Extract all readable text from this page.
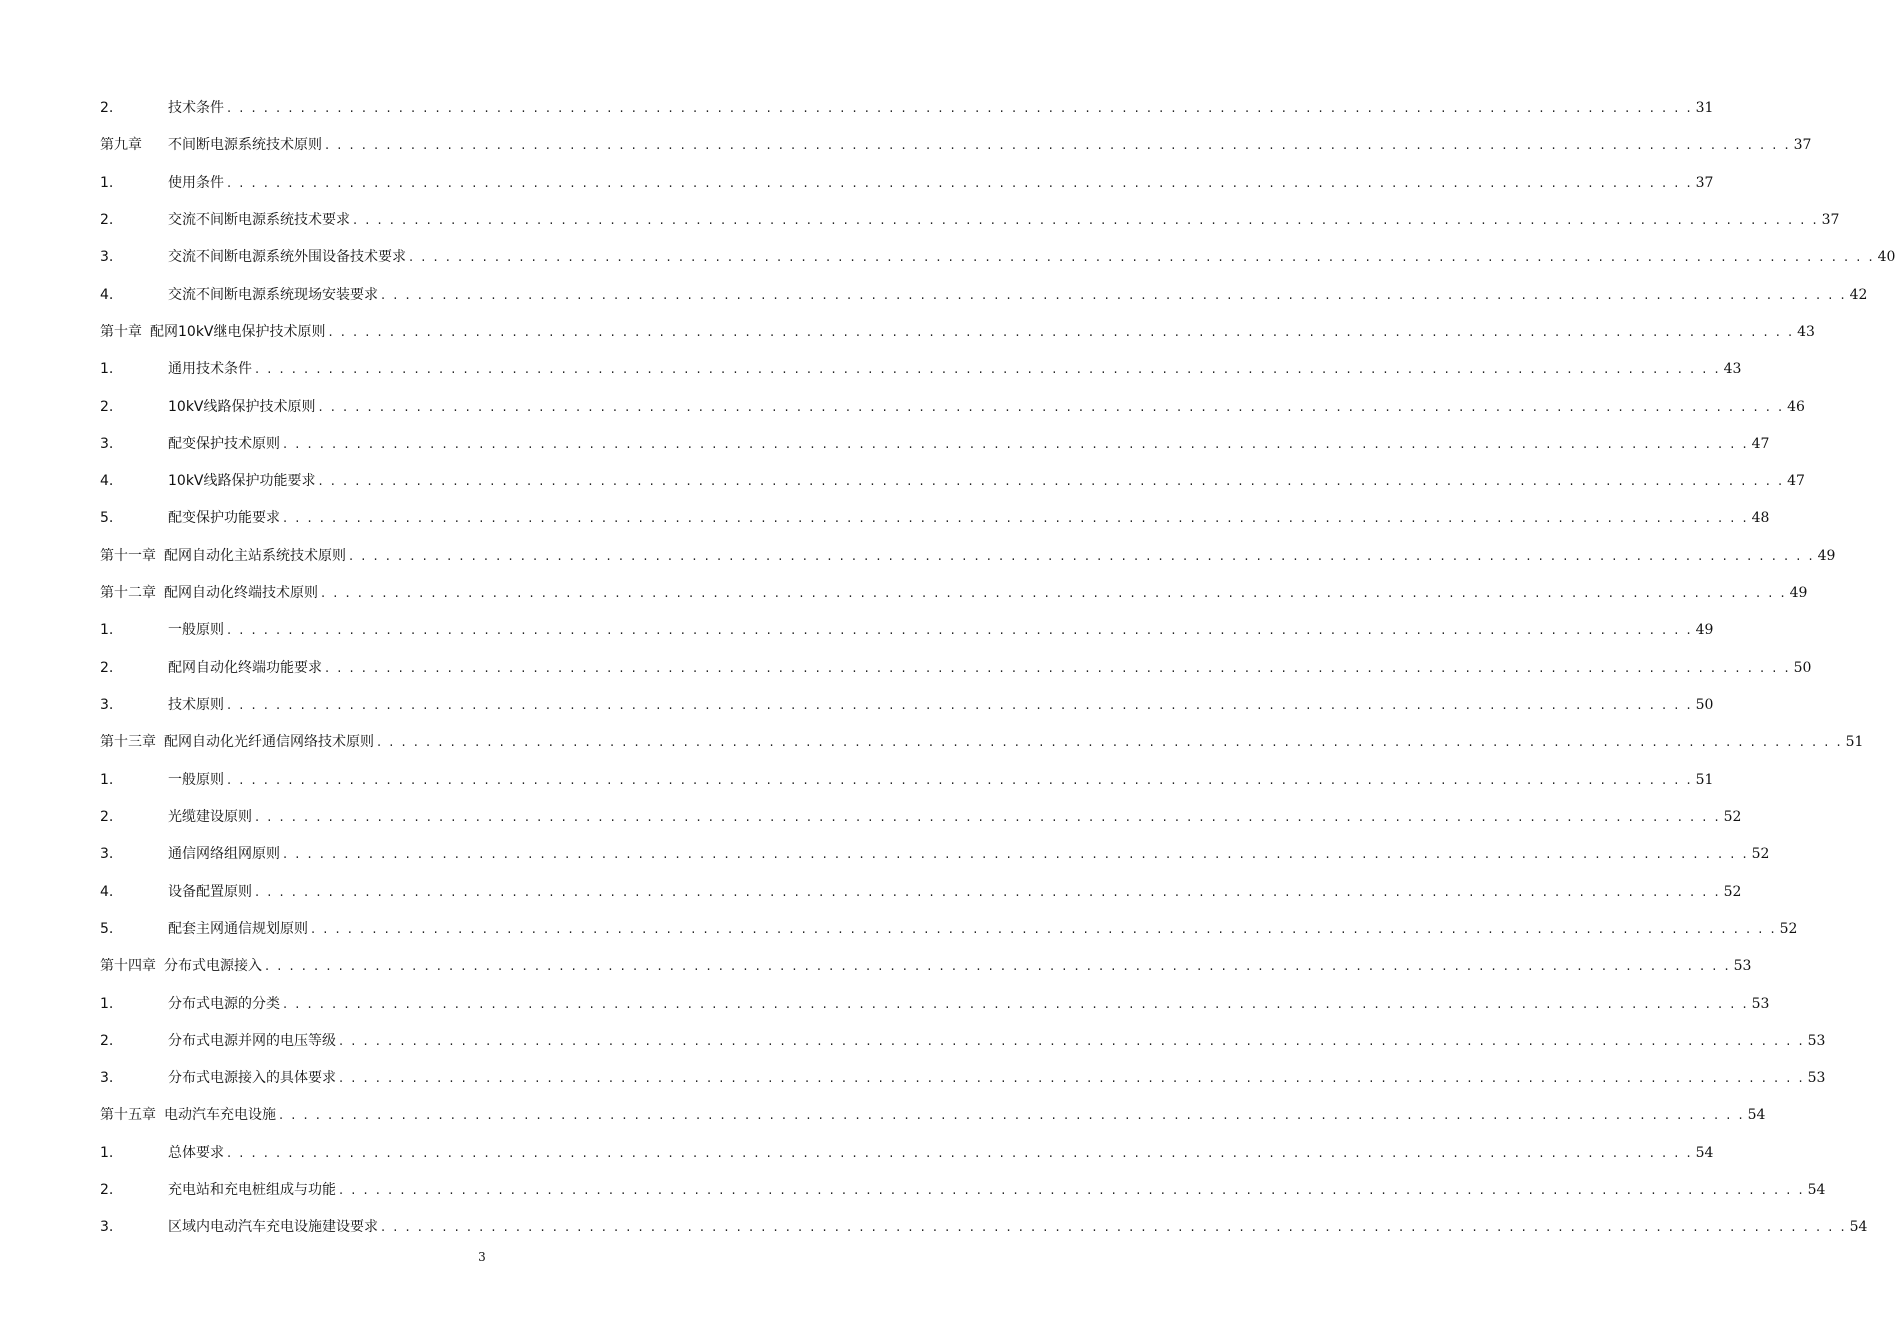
2.	技术条件 . . . . . . . . . . . . . . . . . . . . . . . . . . . . . . . . . . . . . . . . . . . . . . . . . . . . . . . . . . . . . . . . . . . . . . . . . . . . . . . . . . . . . . . . . . . . . . . . . . . . . . . . . . . . . . . . . . . . . . . . 31
第九章	不间断电源系统技术原则 . . . . . . . . . . . . . . . . . . . . . . . . . . . . . . . . . . . . . . . . . . . . . . . . . . . . . . . . . . . . . . . . . . . . . . . . . . . . . . . . . . . . . . . . . . . . . . . . . . . . . . . . . . . . . . . . . . . . . . . . 37
1.	使用条件 . . . . . . . . . . . . . . . . . . . . . . . . . . . . . . . . . . . . . . . . . . . . . . . . . . . . . . . . . . . . . . . . . . . . . . . . . . . . . . . . . . . . . . . . . . . . . . . . . . . . . . . . . . . . . . . . . . . . . . . . 37
2.	交流不间断电源系统技术要求 . . . . . . . . . . . . . . . . . . . . . . . . . . . . . . . . . . . . . . . . . . . . . . . . . . . . . . . . . . . . . . . . . . . . . . . . . . . . . . . . . . . . . . . . . . . . . . . . . . . . . . . . . . . . . . . . . . . . . . . . 37
3.	交流不间断电源系统外围设备技术要求 . . . . . . . . . . . . . . . . . . . . . . . . . . . . . . . . . . . . . . . . . . . . . . . . . . . . . . . . . . . . . . . . . . . . . . . . . . . . . . . . . . . . . . . . . . . . . . . . . . . . . . . . . . . . . . . . . . . . . . . . 40
4.	交流不间断电源系统现场安装要求 . . . . . . . . . . . . . . . . . . . . . . . . . . . . . . . . . . . . . . . . . . . . . . . . . . . . . . . . . . . . . . . . . . . . . . . . . . . . . . . . . . . . . . . . . . . . . . . . . . . . . . . . . . . . . . . . . . . . . . . . 42
第十章 配网10kV继电保护技术原则 . . . . . . . . . . . . . . . . . . . . . . . . . . . . . . . . . . . . . . . . . . . . . . . . . . . . . . . . . . . . . . . . . . . . . . . . . . . . . . . . . . . . . . . . . . . . . . . . . . . . . . . . . . . . . . . . . . . . . . . . 43
1.	通用技术条件 . . . . . . . . . . . . . . . . . . . . . . . . . . . . . . . . . . . . . . . . . . . . . . . . . . . . . . . . . . . . . . . . . . . . . . . . . . . . . . . . . . . . . . . . . . . . . . . . . . . . . . . . . . . . . . . . . . . . . . . . 43
2.	10kV线路保护技术原则 . . . . . . . . . . . . . . . . . . . . . . . . . . . . . . . . . . . . . . . . . . . . . . . . . . . . . . . . . . . . . . . . . . . . . . . . . . . . . . . . . . . . . . . . . . . . . . . . . . . . . . . . . . . . . . . . . . . . . . . . 46
3.	配变保护技术原则 . . . . . . . . . . . . . . . . . . . . . . . . . . . . . . . . . . . . . . . . . . . . . . . . . . . . . . . . . . . . . . . . . . . . . . . . . . . . . . . . . . . . . . . . . . . . . . . . . . . . . . . . . . . . . . . . . . . . . . . . 47
4.	10kV线路保护功能要求 . . . . . . . . . . . . . . . . . . . . . . . . . . . . . . . . . . . . . . . . . . . . . . . . . . . . . . . . . . . . . . . . . . . . . . . . . . . . . . . . . . . . . . . . . . . . . . . . . . . . . . . . . . . . . . . . . . . . . . . . 47
5.	配变保护功能要求 . . . . . . . . . . . . . . . . . . . . . . . . . . . . . . . . . . . . . . . . . . . . . . . . . . . . . . . . . . . . . . . . . . . . . . . . . . . . . . . . . . . . . . . . . . . . . . . . . . . . . . . . . . . . . . . . . . . . . . . . 48
第十一章 配网自动化主站系统技术原则 . . . . . . . . . . . . . . . . . . . . . . . . . . . . . . . . . . . . . . . . . . . . . . . . . . . . . . . . . . . . . . . . . . . . . . . . . . . . . . . . . . . . . . . . . . . . . . . . . . . . . . . . . . . . . . . . . . . . . . . . 49
第十二章 配网自动化终端技术原则 . . . . . . . . . . . . . . . . . . . . . . . . . . . . . . . . . . . . . . . . . . . . . . . . . . . . . . . . . . . . . . . . . . . . . . . . . . . . . . . . . . . . . . . . . . . . . . . . . . . . . . . . . . . . . . . . . . . . . . . . 49
1.	一般原则 . . . . . . . . . . . . . . . . . . . . . . . . . . . . . . . . . . . . . . . . . . . . . . . . . . . . . . . . . . . . . . . . . . . . . . . . . . . . . . . . . . . . . . . . . . . . . . . . . . . . . . . . . . . . . . . . . . . . . . . . 49
2.	配网自动化终端功能要求 . . . . . . . . . . . . . . . . . . . . . . . . . . . . . . . . . . . . . . . . . . . . . . . . . . . . . . . . . . . . . . . . . . . . . . . . . . . . . . . . . . . . . . . . . . . . . . . . . . . . . . . . . . . . . . . . . . . . . . . . 50
3.	技术原则 . . . . . . . . . . . . . . . . . . . . . . . . . . . . . . . . . . . . . . . . . . . . . . . . . . . . . . . . . . . . . . . . . . . . . . . . . . . . . . . . . . . . . . . . . . . . . . . . . . . . . . . . . . . . . . . . . . . . . . . . 50
第十三章 配网自动化光纤通信网络技术原则 . . . . . . . . . . . . . . . . . . . . . . . . . . . . . . . . . . . . . . . . . . . . . . . . . . . . . . . . . . . . . . . . . . . . . . . . . . . . . . . . . . . . . . . . . . . . . . . . . . . . . . . . . . . . . . . . . . . . . . . . 51
1.	一般原则 . . . . . . . . . . . . . . . . . . . . . . . . . . . . . . . . . . . . . . . . . . . . . . . . . . . . . . . . . . . . . . . . . . . . . . . . . . . . . . . . . . . . . . . . . . . . . . . . . . . . . . . . . . . . . . . . . . . . . . . . 51
2.	光缆建设原则 . . . . . . . . . . . . . . . . . . . . . . . . . . . . . . . . . . . . . . . . . . . . . . . . . . . . . . . . . . . . . . . . . . . . . . . . . . . . . . . . . . . . . . . . . . . . . . . . . . . . . . . . . . . . . . . . . . . . . . . . 52
3.	通信网络组网原则 . . . . . . . . . . . . . . . . . . . . . . . . . . . . . . . . . . . . . . . . . . . . . . . . . . . . . . . . . . . . . . . . . . . . . . . . . . . . . . . . . . . . . . . . . . . . . . . . . . . . . . . . . . . . . . . . . . . . . . . . 52
4.	设备配置原则 . . . . . . . . . . . . . . . . . . . . . . . . . . . . . . . . . . . . . . . . . . . . . . . . . . . . . . . . . . . . . . . . . . . . . . . . . . . . . . . . . . . . . . . . . . . . . . . . . . . . . . . . . . . . . . . . . . . . . . . . 52
5.	配套主网通信规划原则 . . . . . . . . . . . . . . . . . . . . . . . . . . . . . . . . . . . . . . . . . . . . . . . . . . . . . . . . . . . . . . . . . . . . . . . . . . . . . . . . . . . . . . . . . . . . . . . . . . . . . . . . . . . . . . . . . . . . . . . . 52
第十四章 分布式电源接入 . . . . . . . . . . . . . . . . . . . . . . . . . . . . . . . . . . . . . . . . . . . . . . . . . . . . . . . . . . . . . . . . . . . . . . . . . . . . . . . . . . . . . . . . . . . . . . . . . . . . . . . . . . . . . . . . . . . . . . . . 53
1.	分布式电源的分类 . . . . . . . . . . . . . . . . . . . . . . . . . . . . . . . . . . . . . . . . . . . . . . . . . . . . . . . . . . . . . . . . . . . . . . . . . . . . . . . . . . . . . . . . . . . . . . . . . . . . . . . . . . . . . . . . . . . . . . . . 53
2.	分布式电源并网的电压等级 . . . . . . . . . . . . . . . . . . . . . . . . . . . . . . . . . . . . . . . . . . . . . . . . . . . . . . . . . . . . . . . . . . . . . . . . . . . . . . . . . . . . . . . . . . . . . . . . . . . . . . . . . . . . . . . . . . . . . . . . 53
3.	分布式电源接入的具体要求 . . . . . . . . . . . . . . . . . . . . . . . . . . . . . . . . . . . . . . . . . . . . . . . . . . . . . . . . . . . . . . . . . . . . . . . . . . . . . . . . . . . . . . . . . . . . . . . . . . . . . . . . . . . . . . . . . . . . . . . . 53
第十五章 电动汽车充电设施 . . . . . . . . . . . . . . . . . . . . . . . . . . . . . . . . . . . . . . . . . . . . . . . . . . . . . . . . . . . . . . . . . . . . . . . . . . . . . . . . . . . . . . . . . . . . . . . . . . . . . . . . . . . . . . . . . . . . . . . . 54
1.	总体要求 . . . . . . . . . . . . . . . . . . . . . . . . . . . . . . . . . . . . . . . . . . . . . . . . . . . . . . . . . . . . . . . . . . . . . . . . . . . . . . . . . . . . . . . . . . . . . . . . . . . . . . . . . . . . . . . . . . . . . . . . 54
2.	充电站和充电桩组成与功能 . . . . . . . . . . . . . . . . . . . . . . . . . . . . . . . . . . . . . . . . . . . . . . . . . . . . . . . . . . . . . . . . . . . . . . . . . . . . . . . . . . . . . . . . . . . . . . . . . . . . . . . . . . . . . . . . . . . . . . . . 54
3.	区域内电动汽车充电设施建设要求 . . . . . . . . . . . . . . . . . . . . . . . . . . . . . . . . . . . . . . . . . . . . . . . . . . . . . . . . . . . . . . . . . . . . . . . . . . . . . . . . . . . . . . . . . . . . . . . . . . . . . . . . . . . . . . . . . . . . . . . . 54
3
